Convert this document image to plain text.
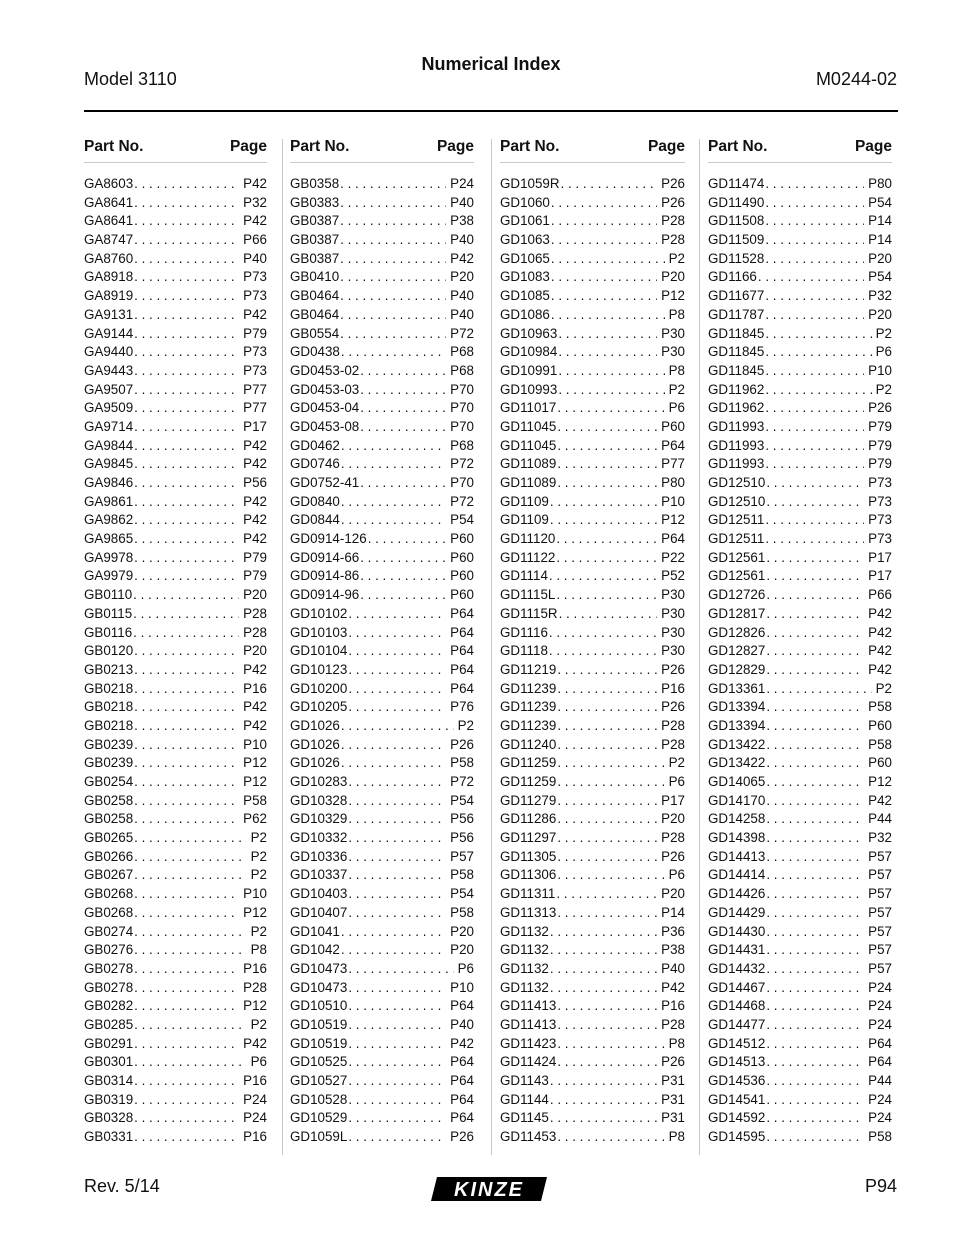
Numerical Index
Model 3110	M0244-02
Part No.	Page
GA8603 . . .	P42
GA8641 . . .	P32
GA8641 . . .	P42
GA8747 . . .	P66
GA8760 . . .	P40
GA8918 . . .	P73
GA8919 . . .	P73
GA9131 . . .	P42
GA9144 . . .	P79
GA9440 . . .	P73
GA9443 . . .	P73
GA9507 . . .	P77
GA9509 . . .	P77
GA9714 . . .	P17
GA9844 . . .	P42
GA9845 . . .	P42
GA9846 . . .	P56
GA9861 . . .	P42
GA9862 . . .	P42
GA9865 . . .	P42
GA9978 . . .	P79
GA9979 . . .	P79
GB0110 . . .	P20
GB0115 . . .	P28
GB0116 . . .	P28
GB0120 . . .	P20
GB0213 . . .	P42
GB0218 . . .	P16
GB0218 . . .	P42
GB0218 . . .	P42
GB0239 . . .	P10
GB0239 . . .	P12
GB0254 . . .	P12
GB0258 . . .	P58
GB0258 . . .	P62
GB0265 . . .	P2
GB0266 . . .	P2
GB0267 . . .	P2
GB0268 . . .	P10
GB0268 . . .	P12
GB0274 . . .	P2
GB0276 . . .	P8
GB0278 . . .	P16
GB0278 . . .	P28
GB0282 . . .	P12
GB0285 . . .	P2
GB0291 . . .	P42
GB0301 . . .	P6
GB0314 . . .	P16
GB0319 . . .	P24
GB0328 . . .	P24
GB0331 . . .	P16
Part No.	Page
GB0358 . . .	P24
GB0383 . . .	P40
GB0387 . . .	P38
GB0387 . . .	P40
GB0387 . . .	P42
GB0410 . . .	P20
GB0464 . . .	P40
GB0464 . . .	P40
GB0554 . . .	P72
GD0438 . . .	P68
GD0453-02 . . .	P68
GD0453-03 . . .	P70
GD0453-04 . . .	P70
GD0453-08 . . .	P70
GD0462 . . .	P68
GD0746 . . .	P72
GD0752-41 . . .	P70
GD0840 . . .	P72
GD0844 . . .	P54
GD0914-126 . . .	P60
GD0914-66 . . .	P60
GD0914-86 . . .	P60
GD0914-96 . . .	P60
GD10102 . . .	P64
GD10103 . . .	P64
GD10104 . . .	P64
GD10123 . . .	P64
GD10200 . . .	P64
GD10205 . . .	P76
GD1026 . . .	P2
GD1026 . . .	P26
GD1026 . . .	P58
GD10283 . . .	P72
GD10328 . . .	P54
GD10329 . . .	P56
GD10332 . . .	P56
GD10336 . . .	P57
GD10337 . . .	P58
GD10403 . . .	P54
GD10407 . . .	P58
GD1041 . . .	P20
GD1042 . . .	P20
GD10473 . . .	P6
GD10473 . . .	P10
GD10510 . . .	P64
GD10519 . . .	P40
GD10519 . . .	P42
GD10525 . . .	P64
GD10527 . . .	P64
GD10528 . . .	P64
GD10529 . . .	P64
GD1059L . . .	P26
Part No.	Page
GD1059R . . .	P26
GD1060 . . .	P26
GD1061 . . .	P28
GD1063 . . .	P28
GD1065 . . .	P2
GD1083 . . .	P20
GD1085 . . .	P12
GD1086 . . .	P8
GD10963 . . .	P30
GD10984 . . .	P30
GD10991 . . .	P8
GD10993 . . .	P2
GD11017 . . .	P6
GD11045 . . .	P60
GD11045 . . .	P64
GD11089 . . .	P77
GD11089 . . .	P80
GD1109 . . .	P10
GD1109 . . .	P12
GD11120 . . .	P64
GD11122 . . .	P22
GD1114 . . .	P52
GD1115L . . .	P30
GD1115R . . .	P30
GD1116 . . .	P30
GD1118 . . .	P30
GD11219 . . .	P26
GD11239 . . .	P16
GD11239 . . .	P26
GD11239 . . .	P28
GD11240 . . .	P28
GD11259 . . .	P2
GD11259 . . .	P6
GD11279 . . .	P17
GD11286 . . .	P20
GD11297 . . .	P28
GD11305 . . .	P26
GD11306 . . .	P6
GD11311 . . .	P20
GD11313 . . .	P14
GD1132 . . .	P36
GD1132 . . .	P38
GD1132 . . .	P40
GD1132 . . .	P42
GD11413 . . .	P16
GD11413 . . .	P28
GD11423 . . .	P8
GD11424 . . .	P26
GD1143 . . .	P31
GD1144 . . .	P31
GD1145 . . .	P31
GD11453 . . .	P8
Part No.	Page
GD11474 . . .	P80
GD11490 . . .	P54
GD11508 . . .	P14
GD11509 . . .	P14
GD11528 . . .	P20
GD1166 . . .	P54
GD11677 . . .	P32
GD11787 . . .	P20
GD11845 . . .	P2
GD11845 . . .	P6
GD11845 . . .	P10
GD11962 . . .	P2
GD11962 . . .	P26
GD11993 . . .	P79
GD11993 . . .	P79
GD11993 . . .	P79
GD12510 . . .	P73
GD12510 . . .	P73
GD12511 . . .	P73
GD12511 . . .	P73
GD12561 . . .	P17
GD12561 . . .	P17
GD12726 . . .	P66
GD12817 . . .	P42
GD12826 . . .	P42
GD12827 . . .	P42
GD12829 . . .	P42
GD13361 . . .	P2
GD13394 . . .	P58
GD13394 . . .	P60
GD13422 . . .	P58
GD13422 . . .	P60
GD14065 . . .	P12
GD14170 . . .	P42
GD14258 . . .	P44
GD14398 . . .	P32
GD14413 . . .	P57
GD14414 . . .	P57
GD14426 . . .	P57
GD14429 . . .	P57
GD14430 . . .	P57
GD14431 . . .	P57
GD14432 . . .	P57
GD14467 . . .	P24
GD14468 . . .	P24
GD14477 . . .	P24
GD14512 . . .	P64
GD14513 . . .	P64
GD14536 . . .	P44
GD14541 . . .	P24
GD14592 . . .	P24
GD14595 . . .	P58
Rev. 5/14	KINZE	P94
